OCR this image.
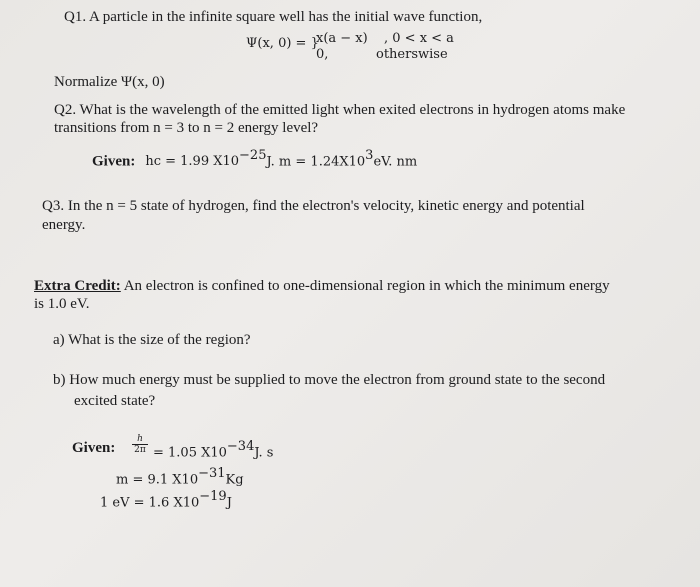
Q1. A particle in the infinite square well has the initial wave function,
Ψ(x, 0) = }
x(a − x) , 0 < x < a
0,	otherswise
Normalize Ψ(x, 0)
Q2. What is the wavelength of the emitted light when exited electrons in hydrogen atoms make
transitions from n = 3 to n = 2 energy level?
Given: hc = 1.99 $X10^{-25}J$. $m = 1.24X10^3eV$. nm
Q3. In the n = 5 state of hydrogen, find the electron's velocity, kinetic energy and potential
energy.
Extra Credit: An electron is confined to one-dimensional region in which the minimum energy
is 1.0 eV.
a) What is the size of the region?
b) How much energy must be supplied to move the electron from ground state to the second
excited state?
Given:
h
2π = 1.05 $X10^{-34}J$. s
m = 9.1 $X10^{-31}Kg$
1 eV = 1.6 $X10^{-19}J$
